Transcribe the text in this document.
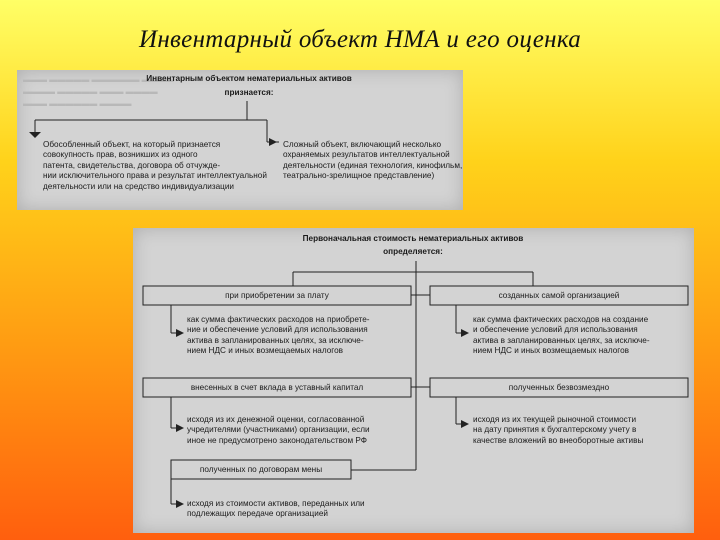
Инвентарный объект НМА и его оценка
▬▬▬ ▬▬▬▬▬ ▬▬▬▬▬▬ ▬▬▬▬
▬▬▬▬ ▬▬▬▬▬ ▬▬▬ ▬▬▬▬
▬▬▬ ▬▬▬▬▬▬ ▬▬▬▬
Инвентарным объектом нематериальных активов
признается:
Обособленный объект, на который признается
совокупность прав, возникших из одного
патента, свидетельства, договора об отчужде-
нии исключительного права и результат интеллектуальной
деятельности или на средство индивидуализации
Сложный объект, включающий несколько
охраняемых результатов интеллектуальной
деятельности (единая технология, кинофильм,
театрально-зрелищное представление)
Первоначальная стоимость нематериальных активов
определяется:
при приобретении за плату	созданных самой организацией
внесенных в счет вклада в уставный капитал	полученных безвозмездно
полученных по договорам мены
как сумма фактических расходов на приобрете-
ние и обеспечение условий для использования
актива в запланированных целях, за исключе-
нием НДС и иных возмещаемых налогов
как сумма фактических расходов на создание
и обеспечение условий для использования
актива в запланированных целях, за исключе-
нием НДС и иных возмещаемых налогов
исходя из их денежной оценки, согласованной
учредителями (участниками) организации, если
иное не предусмотрено законодательством РФ
исходя из их текущей рыночной стоимости
на дату принятия к бухгалтерскому учету в
качестве вложений во внеоборотные активы
исходя из стоимости активов, переданных или
подлежащих передаче организацией
